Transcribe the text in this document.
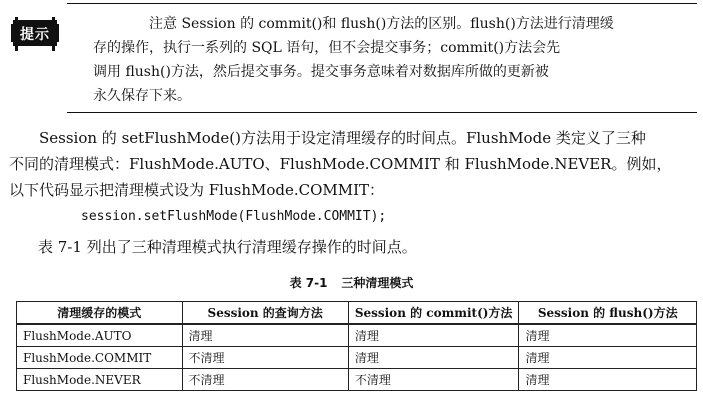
提示
注意 Session 的 commit()和 flush()方法的区别。flush()方法进行清理缓
存的操作，执行一系列的 SQL 语句，但不会提交事务；commit()方法会先
调用 flush()方法，然后提交事务。提交事务意味着对数据库所做的更新被
永久保存下来。
Session 的 setFlushMode()方法用于设定清理缓存的时间点。FlushMode 类定义了三种
不同的清理模式：FlushMode.AUTO、FlushMode.COMMIT 和 FlushMode.NEVER。例如，
以下代码显示把清理模式设为 FlushMode.COMMIT：
session.setFlushMode(FlushMode.COMMIT);
表 7-1 列出了三种清理模式执行清理缓存操作的时间点。
表 7-1 三种清理模式
清理缓存的模式	Session 的查询方法	Session 的 commit()方法	Session 的 flush()方法
FlushMode.AUTO	清理	清理	清理
FlushMode.COMMIT	不清理	清理	清理
FlushMode.NEVER	不清理	不清理	清理
